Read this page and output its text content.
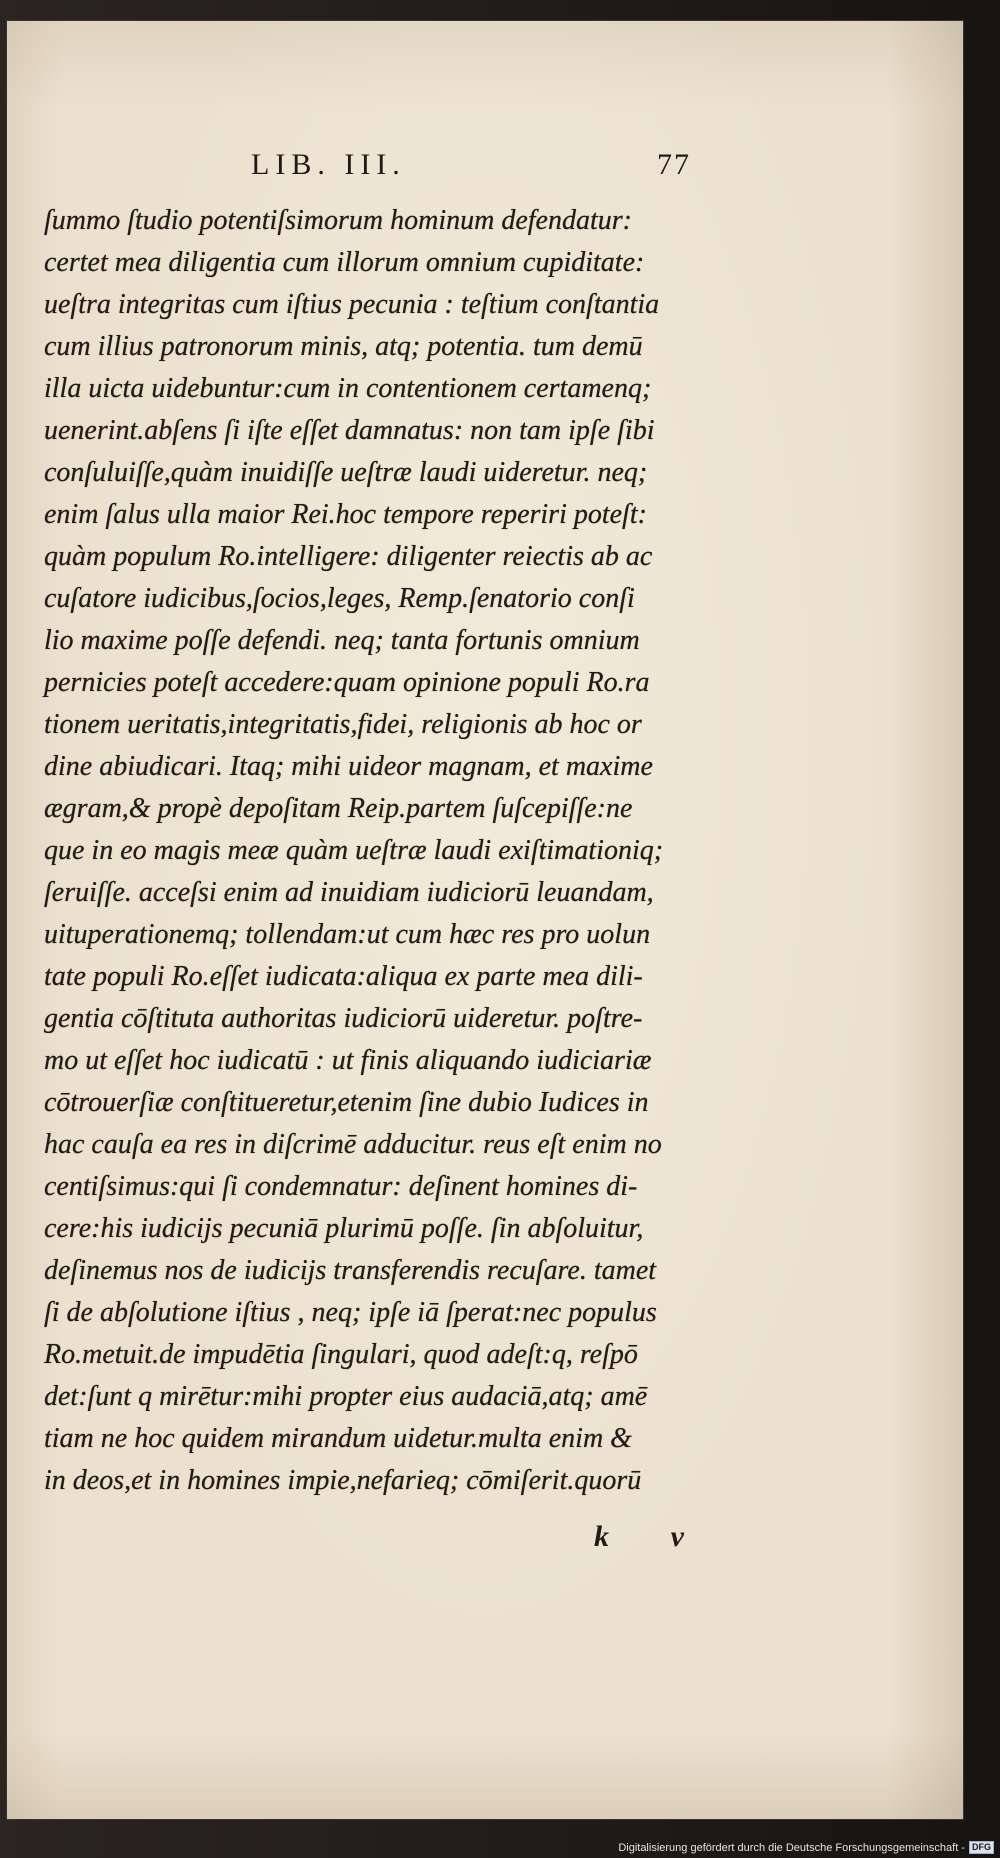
LIB. III.	77
ſummo ſtudio potentiſsimorum hominum defendatur:
certet mea diligentia cum illorum omnium cupiditate:
ueſtra integritas cum iſtius pecunia : teſtium conſtantia
cum illius patronorum minis, atq; potentia. tum demū
illa uicta uidebuntur:cum in contentionem certamenq;
uenerint.abſens ſi iſte eſſet damnatus: non tam ipſe ſibi
conſuluiſſe,quàm inuidiſſe ueſtræ laudi uideretur. neq;
enim ſalus ulla maior Rei.hoc tempore reperiri poteſt:
quàm populum Ro.intelligere: diligenter reiectis ab ac
cuſatore iudicibus,ſocios,leges, Remp.ſenatorio conſi
lio maxime poſſe defendi. neq; tanta fortunis omnium
pernicies poteſt accedere:quam opinione populi Ro.ra
tionem ueritatis,integritatis,fidei, religionis ab hoc or
dine abiudicari. Itaq; mihi uideor magnam, et maxime
ægram,& propè depoſitam Reip.partem ſuſcepiſſe:ne
que in eo magis meæ quàm ueſtræ laudi exiſtimationiq;
ſeruiſſe. acceſsi enim ad inuidiam iudiciorū leuandam,
uituperationemq; tollendam:ut cum hæc res pro uolun
tate populi Ro.eſſet iudicata:aliqua ex parte mea dili-
gentia cōſtituta authoritas iudiciorū uideretur. poſtre-
mo ut eſſet hoc iudicatū : ut finis aliquando iudiciariæ
cōtrouerſiæ conſtitueretur,etenim ſine dubio Iudices in
hac cauſa ea res in diſcrimē adducitur. reus eſt enim no
centiſsimus:qui ſi condemnatur: deſinent homines di-
cere:his iudicijs pecuniā plurimū poſſe. ſin abſoluitur,
deſinemus nos de iudicijs transferendis recuſare. tamet
ſi de abſolutione iſtius , neq; ipſe iā ſperat:nec populus
Ro.metuit.de impudētia ſingulari, quod adeſt:q, reſpō
det:ſunt q mirētur:mihi propter eius audaciā,atq; amē
tiam ne hoc quidem mirandum uidetur.multa enim &
in deos,et in homines impie,nefarieq; cōmiſerit.quorū
k v
Digitalisierung gefördert durch die Deutsche Forschungsgemeinschaft - DFG
